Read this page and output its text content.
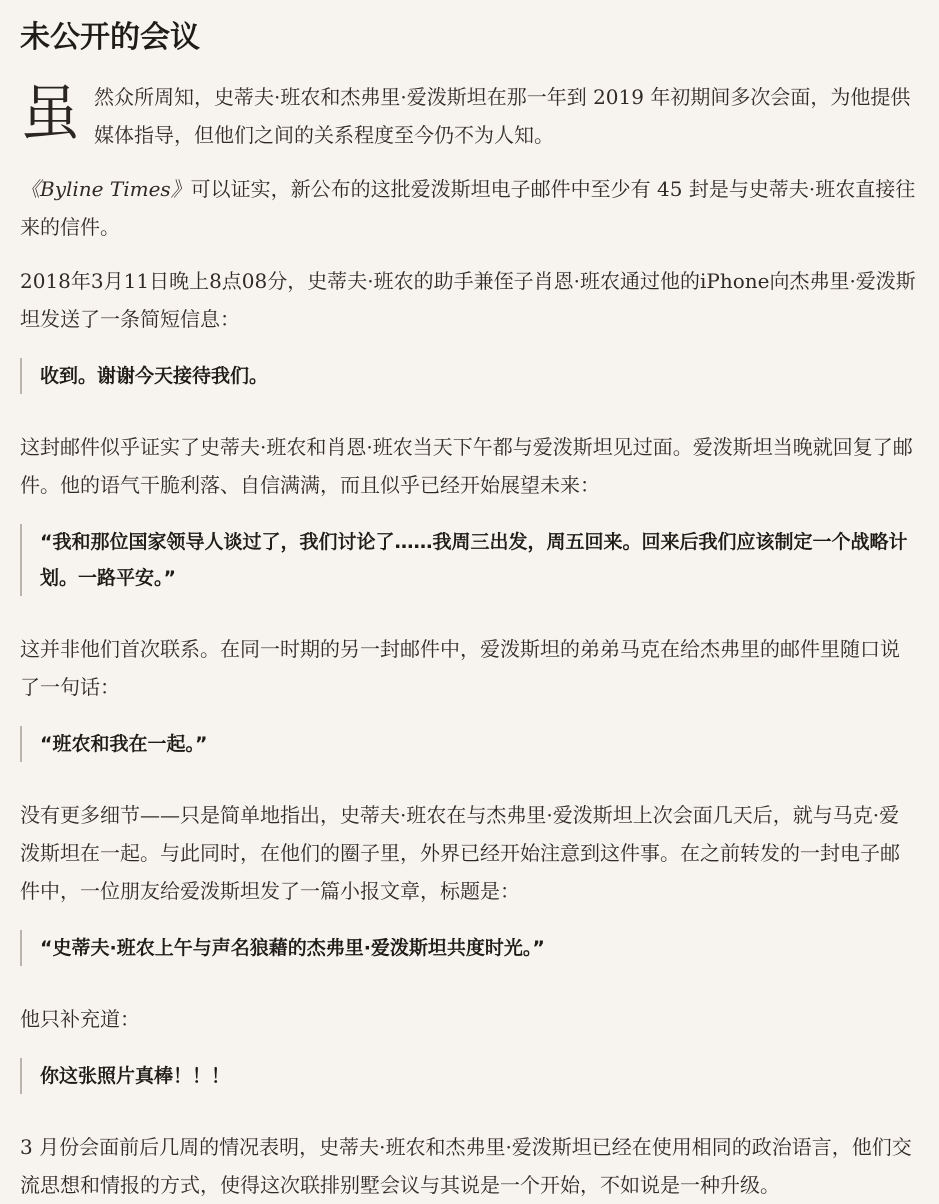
未公开的会议
虽 然众所周知，史蒂夫·班农和杰弗里·爱泼斯坦在那一年到 2019 年初期间多次会面，为他提供媒体指导，但他们之间的关系程度至今仍不为人知。

《Byline Times》可以证实，新公布的这批爱泼斯坦电子邮件中至少有 45 封是与史蒂夫·班农直接往来的信件。

2018年3月11日晚上8点08分，史蒂夫·班农的助手兼侄子肖恩·班农通过他的iPhone向杰弗里·爱泼斯坦发送了一条简短信息：

收到。谢谢今天接待我们。

这封邮件似乎证实了史蒂夫·班农和肖恩·班农当天下午都与爱泼斯坦见过面。爱泼斯坦当晚就回复了邮件。他的语气干脆利落、自信满满，而且似乎已经开始展望未来：

“我和那位国家领导人谈过了，我们讨论了……我周三出发，周五回来。回来后我们应该制定一个战略计划。一路平安。”

这并非他们首次联系。在同一时期的另一封邮件中，爱泼斯坦的弟弟马克在给杰弗里的邮件里随口说了一句话：

“班农和我在一起。”

没有更多细节——只是简单地指出，史蒂夫·班农在与杰弗里·爱泼斯坦上次会面几天后，就与马克·爱泼斯坦在一起。与此同时，在他们的圈子里，外界已经开始注意到这件事。在之前转发的一封电子邮件中，一位朋友给爱泼斯坦发了一篇小报文章，标题是：

“史蒂夫·班农上午与声名狼藉的杰弗里·爱泼斯坦共度时光。”

他只补充道：

你这张照片真棒！！！

3 月份会面前后几周的情况表明，史蒂夫·班农和杰弗里·爱泼斯坦已经在使用相同的政治语言，他们交流思想和情报的方式，使得这次联排别墅会议与其说是一个开始，不如说是一种升级。
